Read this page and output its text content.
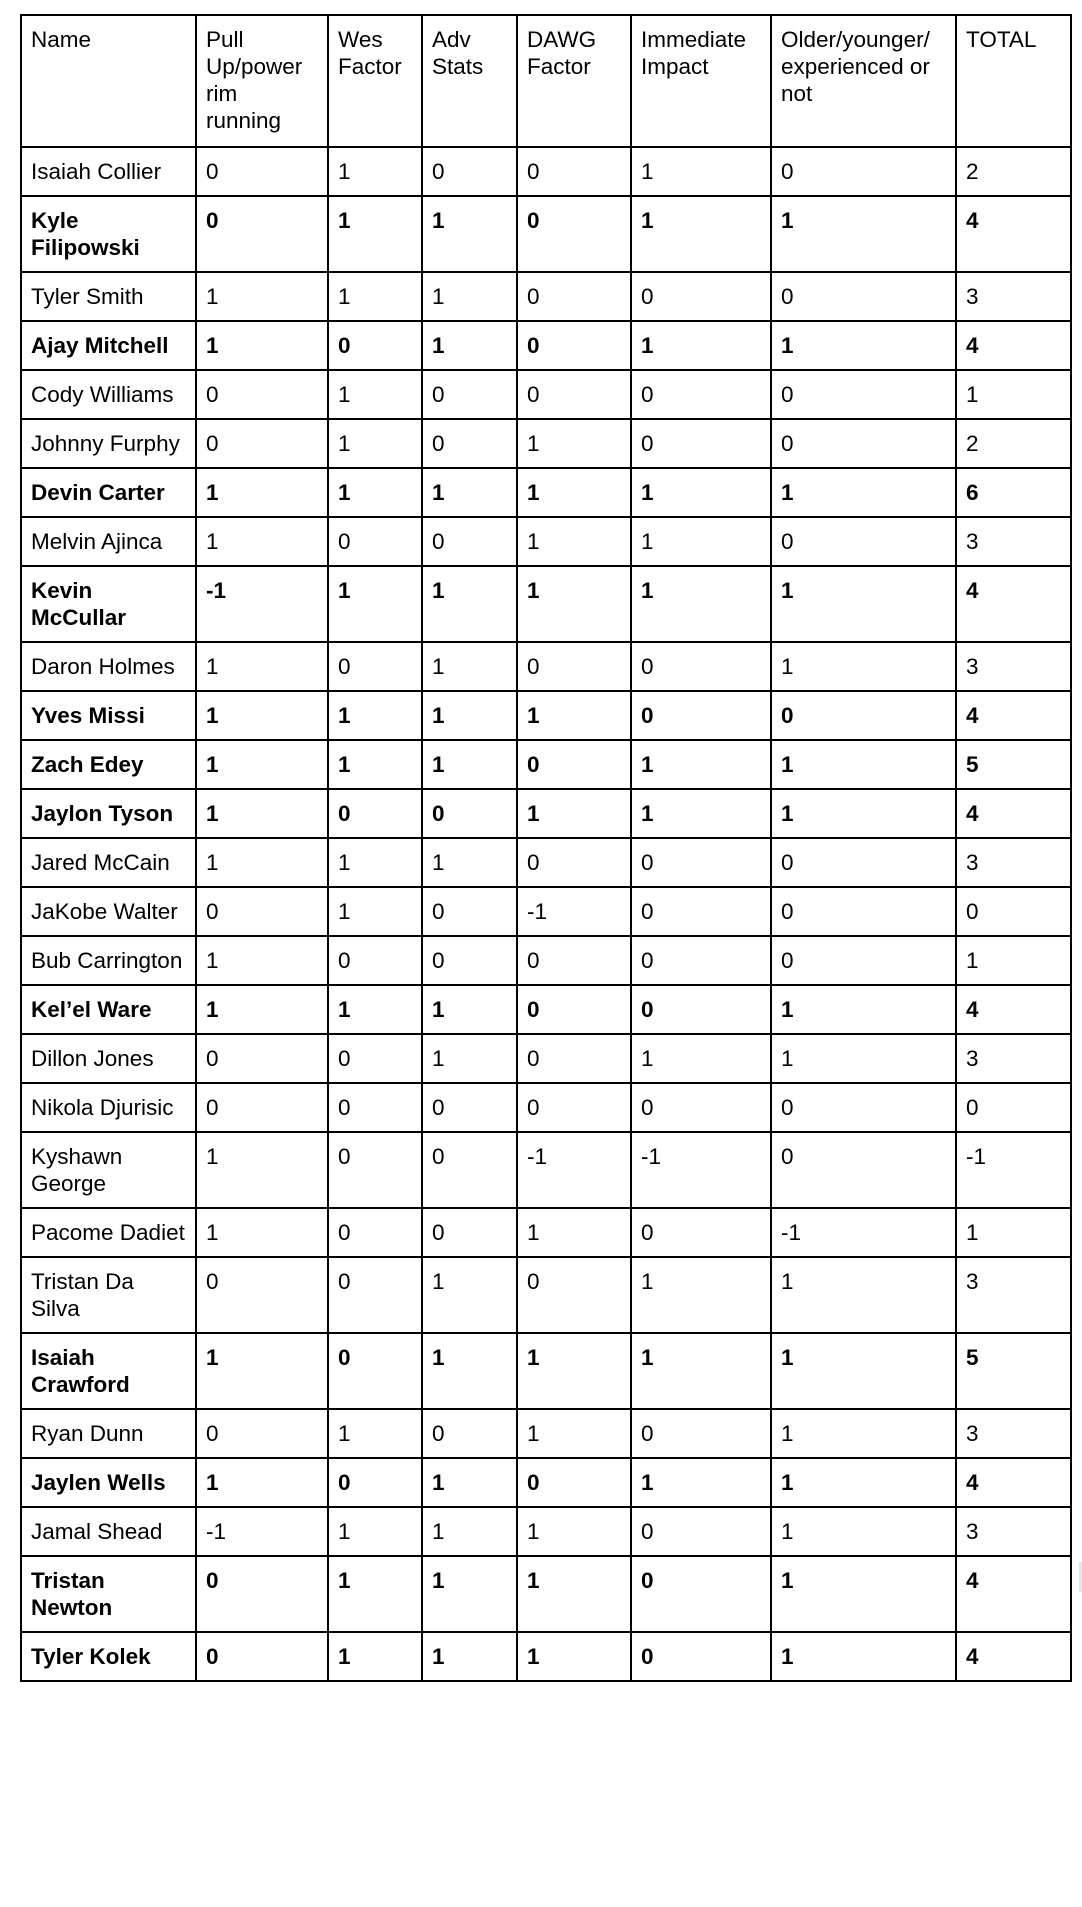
Name	Pull Up/power rim running	Wes Factor	Adv Stats	DAWG Factor	Immediate Impact	Older/younger/ experienced or not	TOTAL
Isaiah Collier	0	1	0	0	1	0	2
Kyle Filipowski	0	1	1	0	1	1	4
Tyler Smith	1	1	1	0	0	0	3
Ajay Mitchell	1	0	1	0	1	1	4
Cody Williams	0	1	0	0	0	0	1
Johnny Furphy	0	1	0	1	0	0	2
Devin Carter	1	1	1	1	1	1	6
Melvin Ajinca	1	0	0	1	1	0	3
Kevin McCullar	-1	1	1	1	1	1	4
Daron Holmes	1	0	1	0	0	1	3
Yves Missi	1	1	1	1	0	0	4
Zach Edey	1	1	1	0	1	1	5
Jaylon Tyson	1	0	0	1	1	1	4
Jared McCain	1	1	1	0	0	0	3
JaKobe Walter	0	1	0	-1	0	0	0
Bub Carrington	1	0	0	0	0	0	1
Kel’el Ware	1	1	1	0	0	1	4
Dillon Jones	0	0	1	0	1	1	3
Nikola Djurisic	0	0	0	0	0	0	0
Kyshawn George	1	0	0	-1	-1	0	-1
Pacome Dadiet	1	0	0	1	0	-1	1
Tristan Da Silva	0	0	1	0	1	1	3
Isaiah Crawford	1	0	1	1	1	1	5
Ryan Dunn	0	1	0	1	0	1	3
Jaylen Wells	1	0	1	0	1	1	4
Jamal Shead	-1	1	1	1	0	1	3
Tristan Newton	0	1	1	1	0	1	4
Tyler Kolek	0	1	1	1	0	1	4
